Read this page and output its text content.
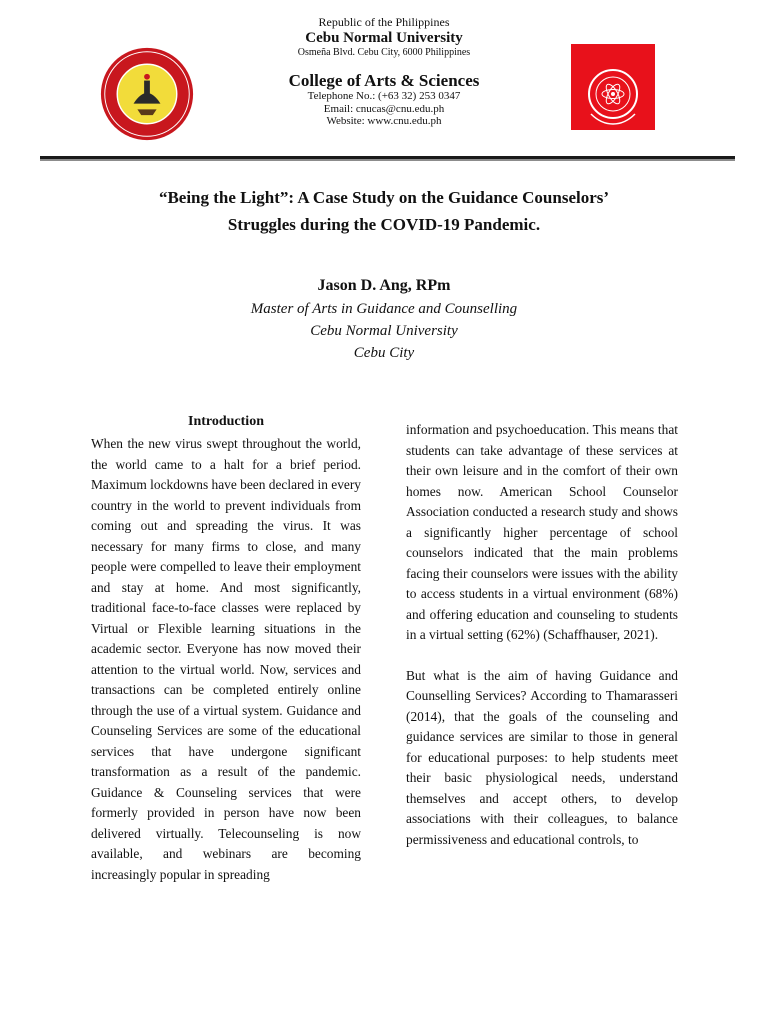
Republic of the Philippines
Cebu Normal University
Osmeña Blvd. Cebu City, 6000 Philippines
College of Arts & Sciences
Telephone No.: (+63 32) 253 0347
Email: cnucas@cnu.edu.ph
Website: www.cnu.edu.ph
“Being the Light”: A Case Study on the Guidance Counselors’
Struggles during the COVID-19 Pandemic.
Jason D. Ang, RPm
Master of Arts in Guidance and Counselling
Cebu Normal University
Cebu City
Introduction

When the new virus swept throughout the world, the world came to a halt for a brief period. Maximum lockdowns have been declared in every country in the world to prevent individuals from coming out and spreading the virus. It was necessary for many firms to close, and many people were compelled to leave their employment and stay at home. And most significantly, traditional face-to-face classes were replaced by Virtual or Flexible learning situations in the academic sector. Everyone has now moved their attention to the virtual world. Now, services and transactions can be completed entirely online through the use of a virtual system. Guidance and Counseling Services are some of the educational services that have undergone significant transformation as a result of the pandemic. Guidance & Counseling services that were formerly provided in person have now been delivered virtually. Telecounseling is now available, and webinars are becoming increasingly popular in spreading

information and psychoeducation. This means that students can take advantage of these services at their own leisure and in the comfort of their own homes now. American School Counselor Association conducted a research study and shows a significantly higher percentage of school counselors indicated that the main problems facing their counselors were issues with the ability to access students in a virtual environment (68%) and offering education and counseling to students in a virtual setting (62%) (Schaffhauser, 2021).

But what is the aim of having Guidance and Counselling Services? According to Thamarasseri (2014), that the goals of the counseling and guidance services are similar to those in general for educational purposes: to help students meet their basic physiological needs, understand themselves and accept others, to develop associations with their colleagues, to balance permissiveness and educational controls, to
